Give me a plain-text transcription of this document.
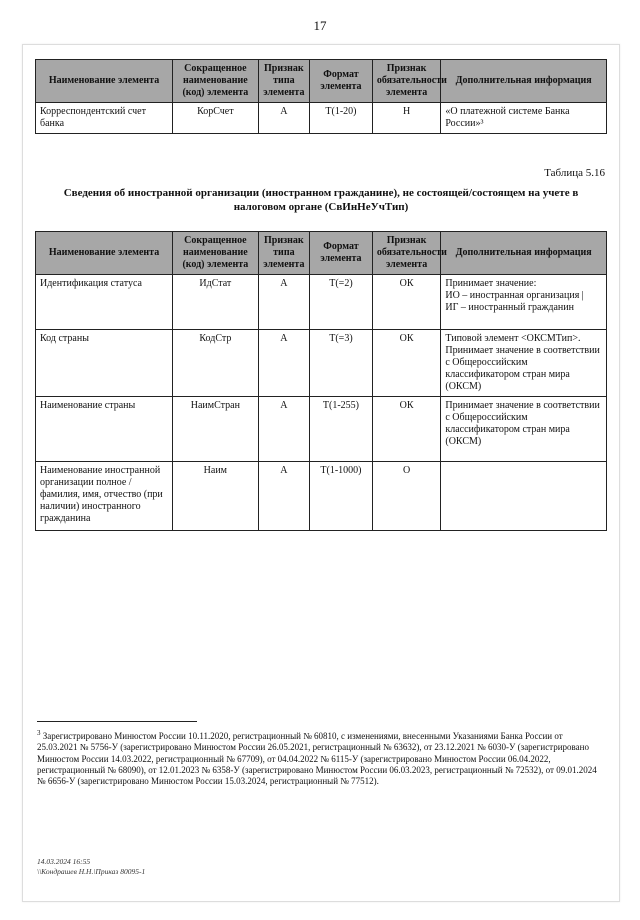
17
Наименование элемента	Сокращенное наименование (код) элемента	Признак типа элемента	Формат элемента	Признак обязательности элемента	Дополнительная информация
Корреспондентский счет банка	КорСчет	А	T(1-20)	Н	«О платежной системе Банка России»³
Таблица 5.16
Сведения об иностранной организации (иностранном гражданине), не состоящей/состоящем на учете в налоговом органе (СвИнНеУчТип)
Наименование элемента	Сокращенное наименование (код) элемента	Признак типа элемента	Формат элемента	Признак обязательности элемента	Дополнительная информация
Идентификация статуса	ИдСтат	А	T(=2)	ОК	Принимает значение:
ИО – иностранная организация |
ИГ – иностранный гражданин
Код страны	КодСтр	А	T(=3)	ОК	Типовой элемент <ОКСМТип>.
Принимает значение в соответствии с Общероссийским классификатором стран мира (ОКСМ)
Наименование страны	НаимСтран	А	T(1-255)	ОК	Принимает значение в соответствии с Общероссийским классификатором стран мира (ОКСМ)
Наименование иностранной организации полное / фамилия, имя, отчество (при наличии) иностранного гражданина	Наим	А	T(1-1000)	О	
$^3$ Зарегистрировано Минюстом России 10.11.2020, регистрационный № 60810, с изменениями, внесенными Указаниями Банка России от 25.03.2021 № 5756-У (зарегистрировано Минюстом России 26.05.2021, регистрационный № 63632), от 23.12.2021 № 6030-У (зарегистрировано Минюстом России 14.03.2022, регистрационный № 67709), от 04.04.2022 № 6115-У (зарегистрировано Минюстом России 06.04.2022, регистрационный № 68090), от 12.01.2023 № 6358-У (зарегистрировано Минюстом России 06.03.2023, регистрационный № 72532), от 09.01.2024 № 6656-У (зарегистрировано Минюстом России 15.03.2024, регистрационный № 77512).
14.03.2024 16:55
\\Кондрашев Н.Н.\Приказ 80095-1
